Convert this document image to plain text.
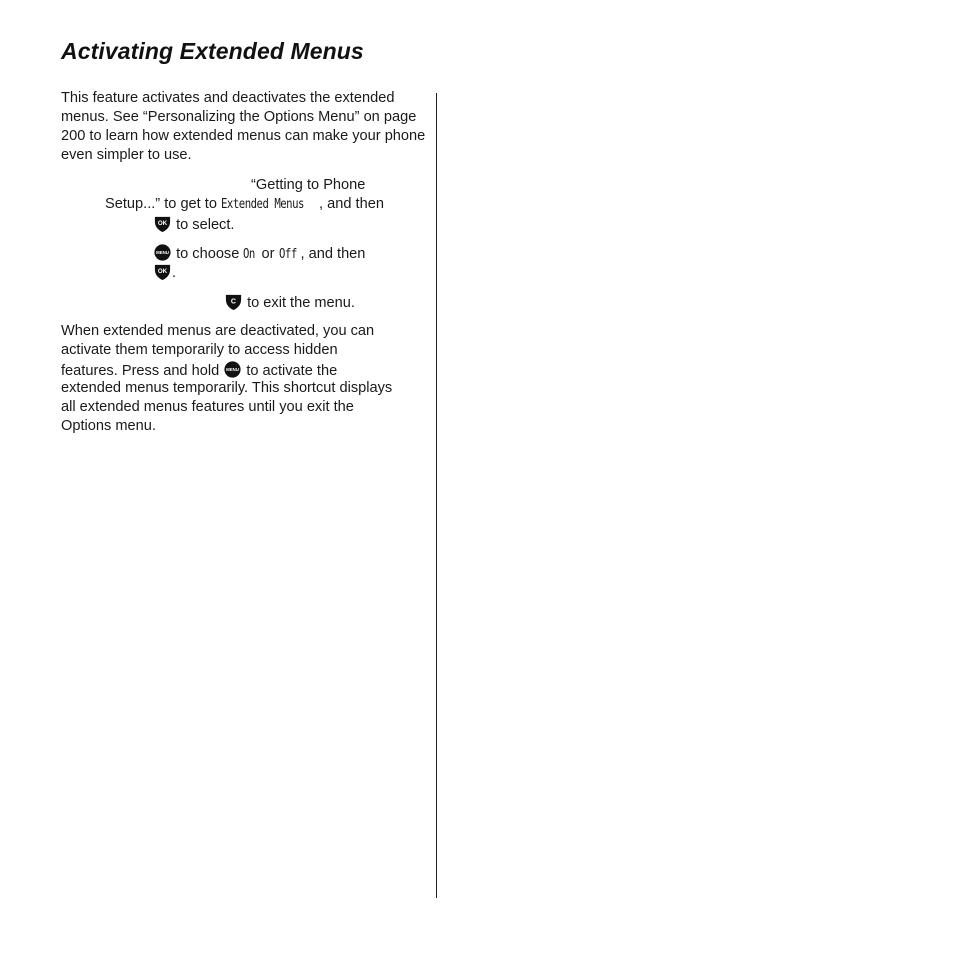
Activating Extended Menus

This feature activates and deactivates the extended menus. See “Personalizing the Options Menu” on page 200 to learn how extended menus can make your phone even simpler to use.

“Getting to Phone
Setup...” to get to Extended Menus , and then
OK to select.
MENU to choose On or Off , and then
OK .
C to exit the menu.
When extended menus are deactivated, you can
activate them temporarily to access hidden
features. Press and hold MENU to activate the
extended menus temporarily. This shortcut displays
all extended menus features until you exit the
Options menu.
